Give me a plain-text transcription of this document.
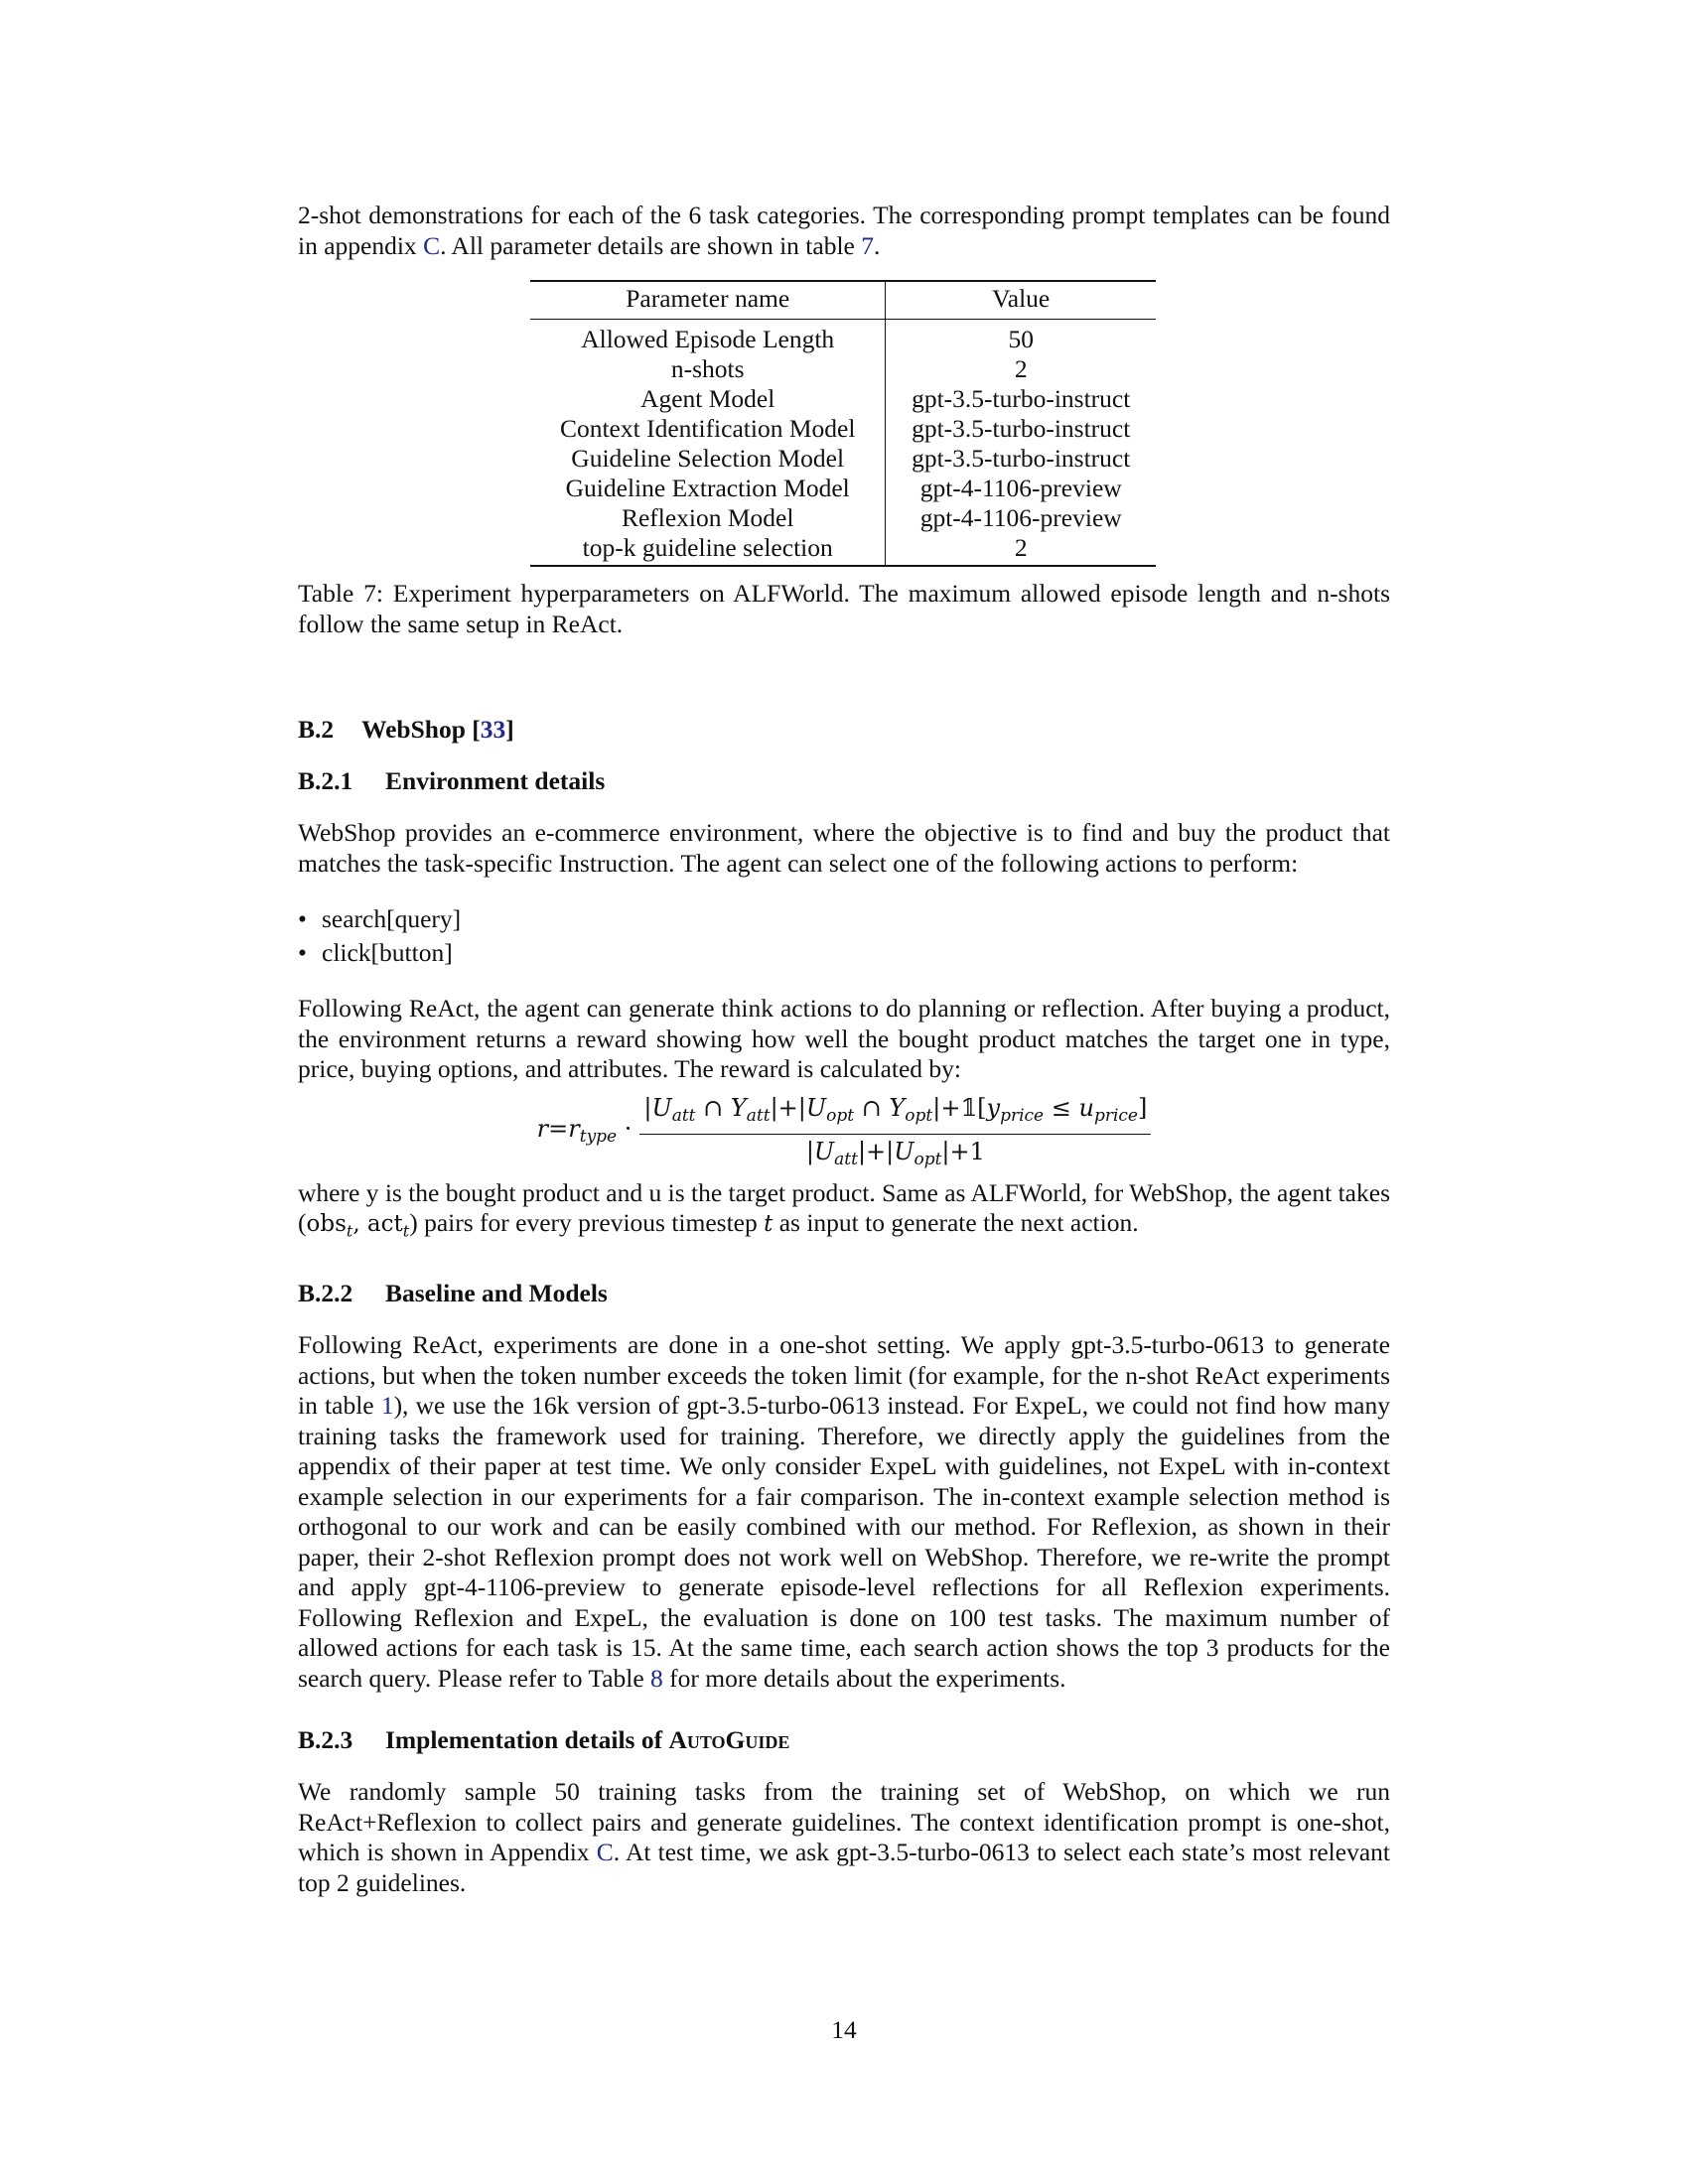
2-shot demonstrations for each of the 6 task categories. The corresponding prompt templates can be found in appendix C. All parameter details are shown in table 7.

Parameter name	Value
Allowed Episode Length	50
n-shots	2
Agent Model	gpt-3.5-turbo-instruct
Context Identification Model	gpt-3.5-turbo-instruct
Guideline Selection Model	gpt-3.5-turbo-instruct
Guideline Extraction Model	gpt-4-1106-preview
Reflexion Model	gpt-4-1106-preview
top-k guideline selection	2

Table 7: Experiment hyperparameters on ALFWorld. The maximum allowed episode length and n-shots follow the same setup in ReAct.

B.2 WebShop [33]
B.2.1 Environment details

WebShop provides an e-commerce environment, where the objective is to find and buy the product that matches the task-specific Instruction. The agent can select one of the following actions to perform:

• search[query]
• click[button]

Following ReAct, the agent can generate think actions to do planning or reflection. After buying a product, the environment returns a reward showing how well the bought product matches the target one in type, price, buying options, and attributes. The reward is calculated by:

$r=r_{type} \cdot \frac{|U_{att} \cap Y_{att}|+|U_{opt} \cap Y_{opt}|+𝟙[y_{price} \le u_{price}]}{|U_{att}|+|U_{opt}|+1}$

where y is the bought product and u is the target product. Same as ALFWorld, for WebShop, the agent takes (obs$_t$, act$_t$) pairs for every previous timestep t as input to generate the next action.

B.2.2 Baseline and Models

Following ReAct, experiments are done in a one-shot setting. We apply gpt-3.5-turbo-0613 to generate actions, but when the token number exceeds the token limit (for example, for the n-shot ReAct experiments in table 1), we use the 16k version of gpt-3.5-turbo-0613 instead. For ExpeL, we could not find how many training tasks the framework used for training. Therefore, we directly apply the guidelines from the appendix of their paper at test time. We only consider ExpeL with guidelines, not ExpeL with in-context example selection in our experiments for a fair comparison. The in-context example selection method is orthogonal to our work and can be easily combined with our method. For Reflexion, as shown in their paper, their 2-shot Reflexion prompt does not work well on WebShop. Therefore, we re-write the prompt and apply gpt-4-1106-preview to generate episode-level reflections for all Reflexion experiments. Following Reflexion and ExpeL, the evaluation is done on 100 test tasks. The maximum number of allowed actions for each task is 15. At the same time, each search action shows the top 3 products for the search query. Please refer to Table 8 for more details about the experiments.

B.2.3 Implementation details of AutoGuide

We randomly sample 50 training tasks from the training set of WebShop, on which we run ReAct+Reflexion to collect pairs and generate guidelines. The context identification prompt is one-shot, which is shown in Appendix C. At test time, we ask gpt-3.5-turbo-0613 to select each state’s most relevant top 2 guidelines.

14
